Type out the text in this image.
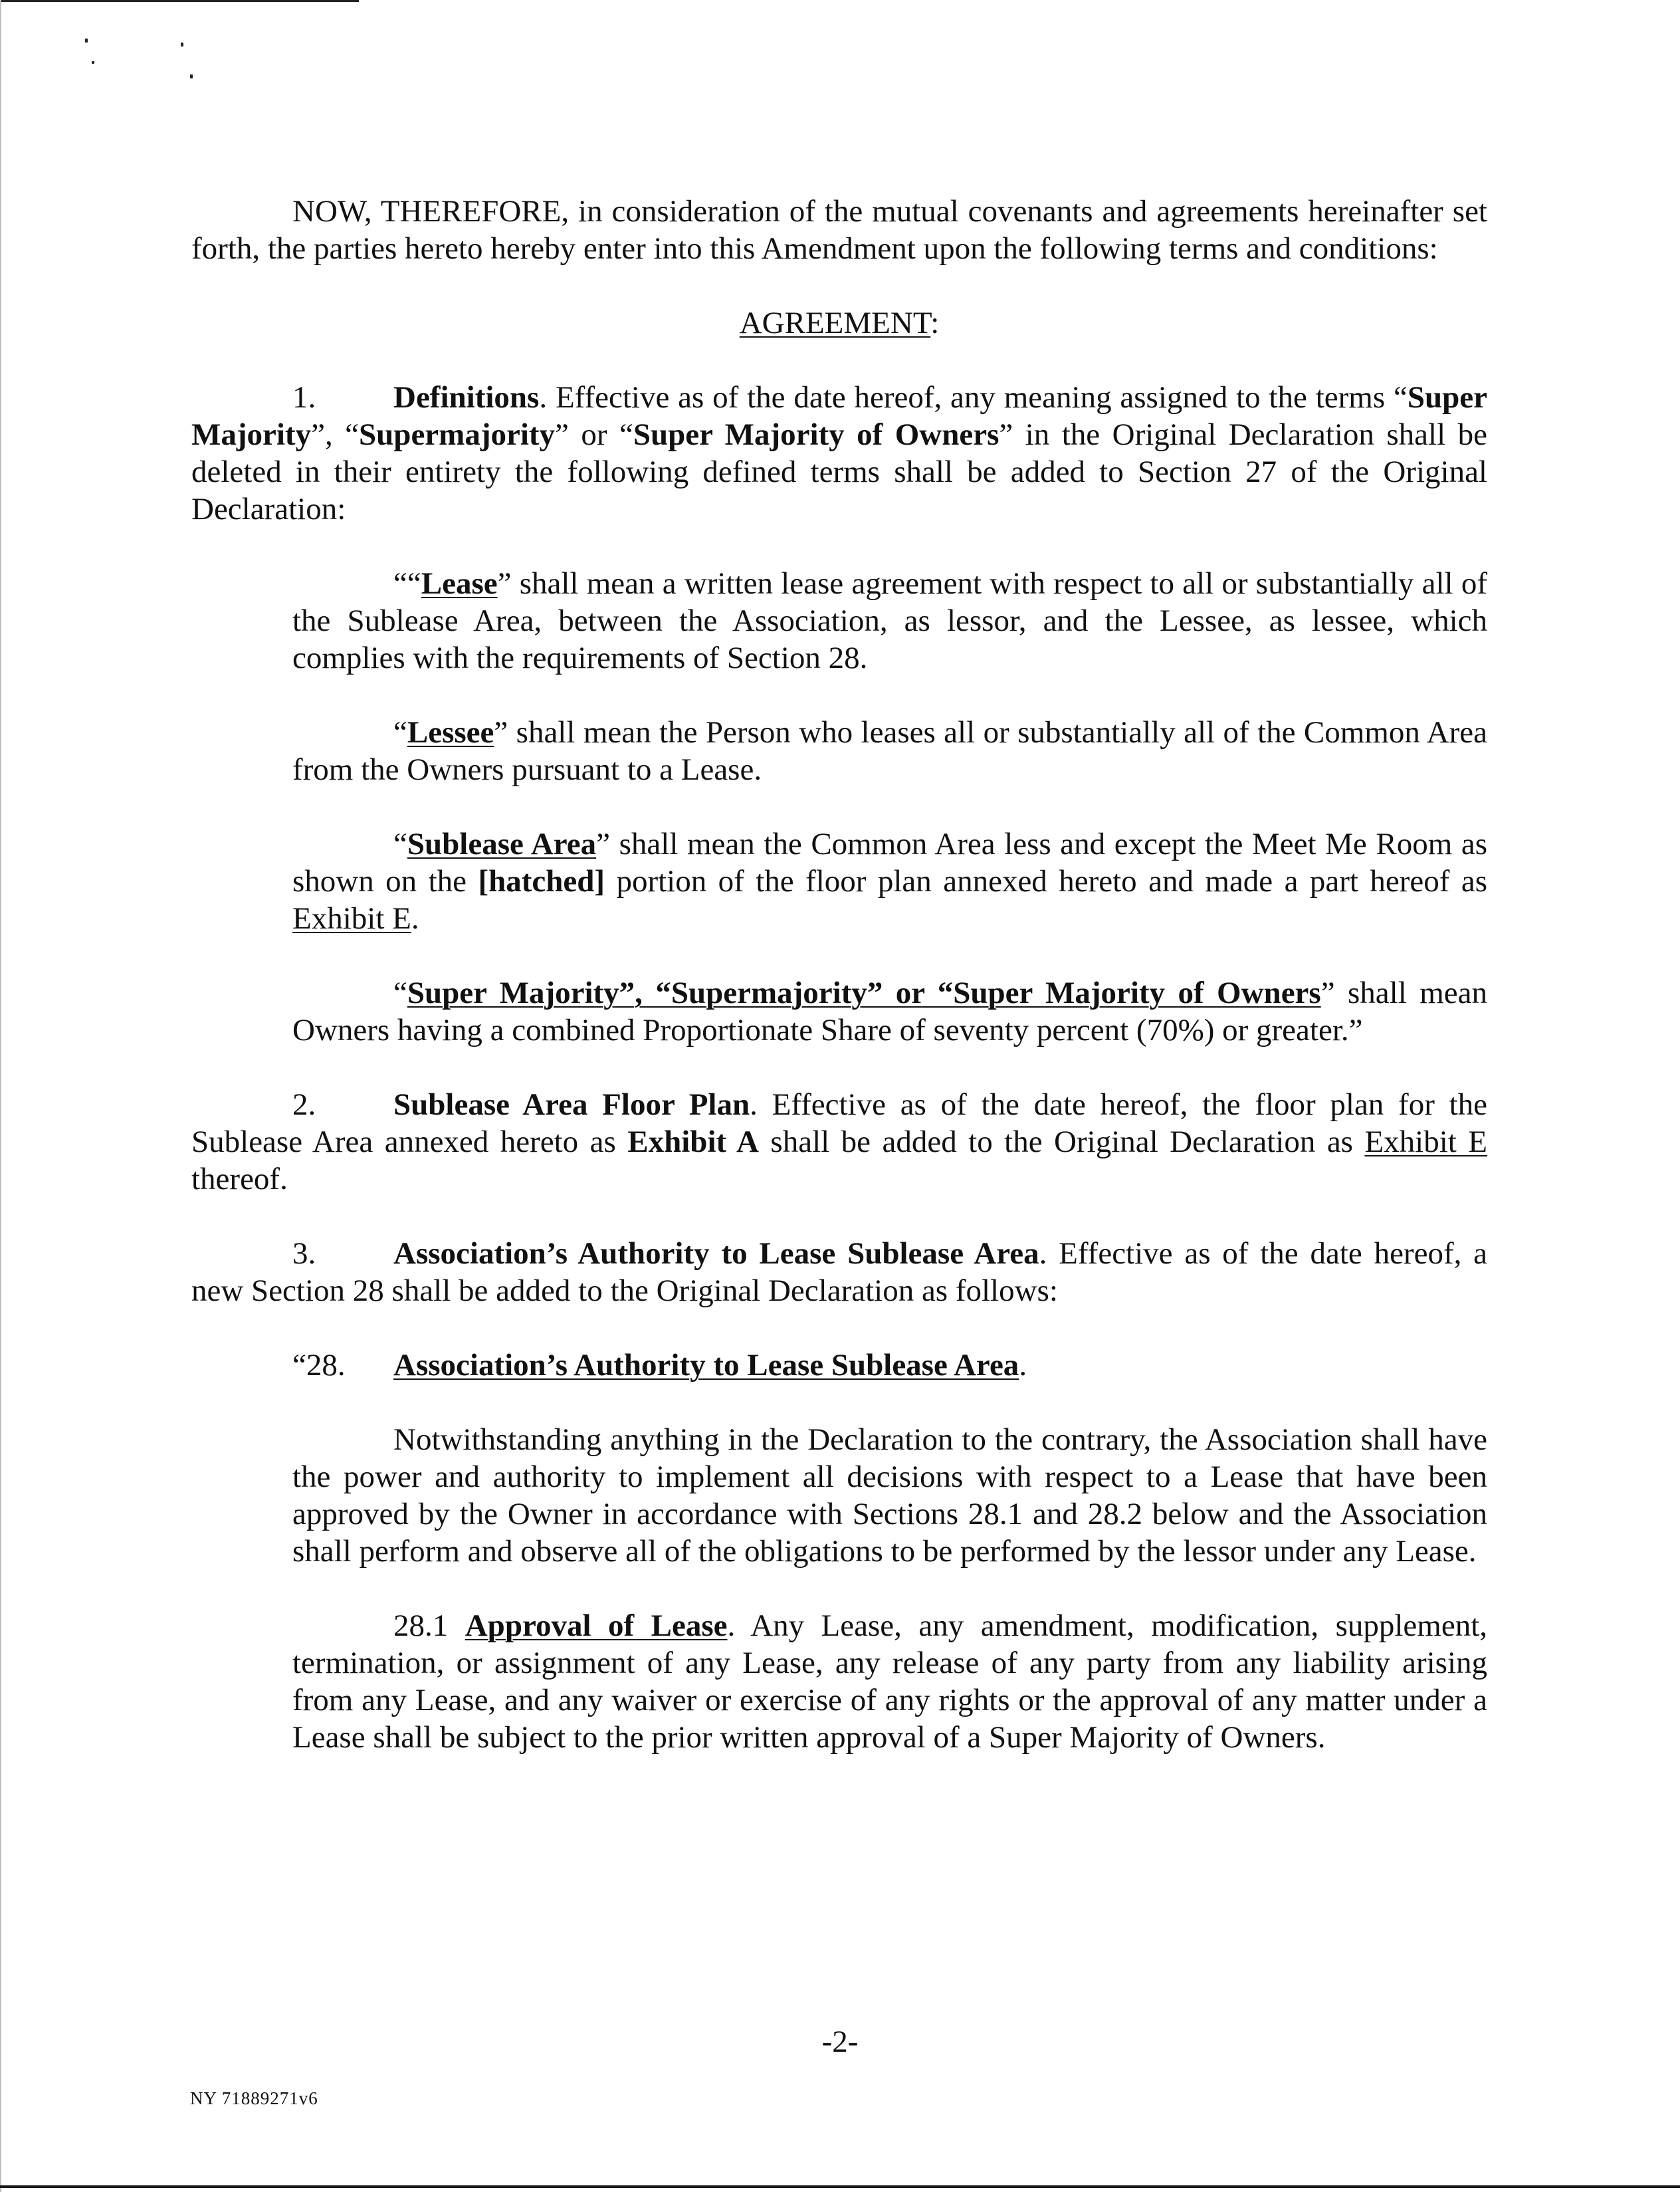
NOW, THEREFORE, in consideration of the mutual covenants and agreements hereinafter set forth, the parties hereto hereby enter into this Amendment upon the following terms and conditions:

AGREEMENT:

1. Definitions. Effective as of the date hereof, any meaning assigned to the terms “Super Majority”, “Supermajority” or “Super Majority of Owners” in the Original Declaration shall be deleted in their entirety the following defined terms shall be added to Section 27 of the Original Declaration:

““Lease” shall mean a written lease agreement with respect to all or substantially all of the Sublease Area, between the Association, as lessor, and the Lessee, as lessee, which complies with the requirements of Section 28.

“Lessee” shall mean the Person who leases all or substantially all of the Common Area from the Owners pursuant to a Lease.

“Sublease Area” shall mean the Common Area less and except the Meet Me Room as shown on the [hatched] portion of the floor plan annexed hereto and made a part hereof as Exhibit E.

“Super Majority”, “Supermajority” or “Super Majority of Owners” shall mean Owners having a combined Proportionate Share of seventy percent (70%) or greater.”

2. Sublease Area Floor Plan. Effective as of the date hereof, the floor plan for the Sublease Area annexed hereto as Exhibit A shall be added to the Original Declaration as Exhibit E thereof.

3. Association’s Authority to Lease Sublease Area. Effective as of the date hereof, a new Section 28 shall be added to the Original Declaration as follows:

“28. Association’s Authority to Lease Sublease Area.

Notwithstanding anything in the Declaration to the contrary, the Association shall have the power and authority to implement all decisions with respect to a Lease that have been approved by the Owner in accordance with Sections 28.1 and 28.2 below and the Association shall perform and observe all of the obligations to be performed by the lessor under any Lease.

28.1 Approval of Lease. Any Lease, any amendment, modification, supplement, termination, or assignment of any Lease, any release of any party from any liability arising from any Lease, and any waiver or exercise of any rights or the approval of any matter under a Lease shall be subject to the prior written approval of a Super Majority of Owners.

-2-
NY 71889271v6
